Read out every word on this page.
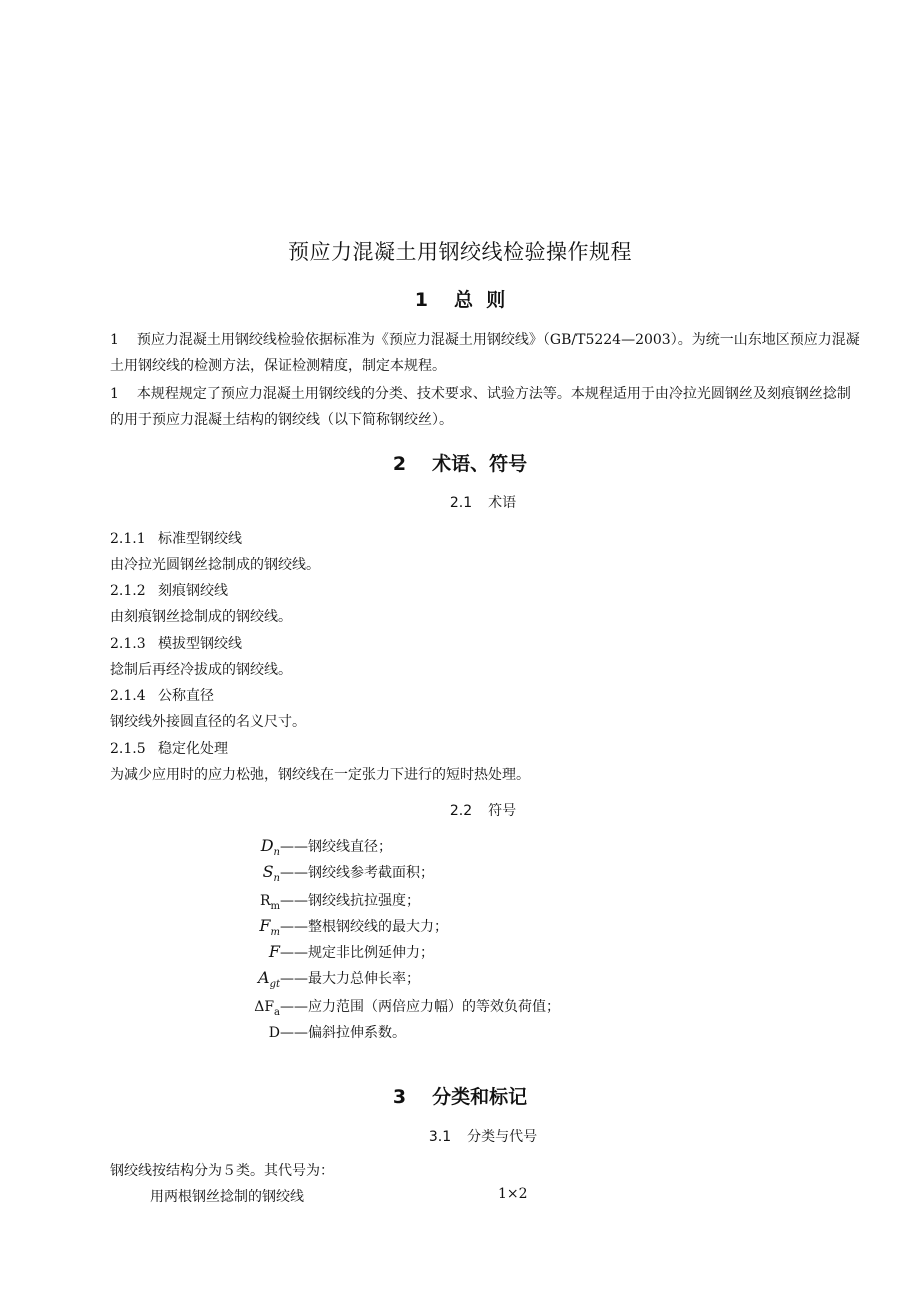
预应力混凝土用钢绞线检验操作规程
1 总  则
1 预应力混凝土用钢绞线检验依据标准为《预应力混凝土用钢绞线》（GB/T5224—2003）。为统一山东地区预应力混凝土用钢绞线的检测方法，保证检测精度，制定本规程。
1 本规程规定了预应力混凝土用钢绞线的分类、技术要求、试验方法等。本规程适用于由冷拉光圆钢丝及刻痕钢丝捻制的用于预应力混凝土结构的钢绞线（以下简称钢绞丝）。
2 术语、符号
2.1 术语
2.1.1 标准型钢绞线
由冷拉光圆钢丝捻制成的钢绞线。
2.1.2 刻痕钢绞线
由刻痕钢丝捻制成的钢绞线。
2.1.3 模拔型钢绞线
捻制后再经冷拔成的钢绞线。
2.1.4 公称直径
钢绞线外接圆直径的名义尺寸。
2.1.5 稳定化处理
为减少应用时的应力松弛，钢绞线在一定张力下进行的短时热处理。
2.2 符号
$D_n——$钢绞线直径；
$S_n——$钢绞线参考截面积；
$R_m——$钢绞线抗拉强度；
$F_m——$整根钢绞线的最大力；
F——规定非比例延伸力；
$A_{gt}——$最大力总伸长率；
$\Delta F_a——$应力范围（两倍应力幅）的等效负荷值；
D——偏斜拉伸系数。
3 分类和标记
3.1 分类与代号
钢绞线按结构分为５类。其代号为：
用两根钢丝捻制的钢绞线	1×2
